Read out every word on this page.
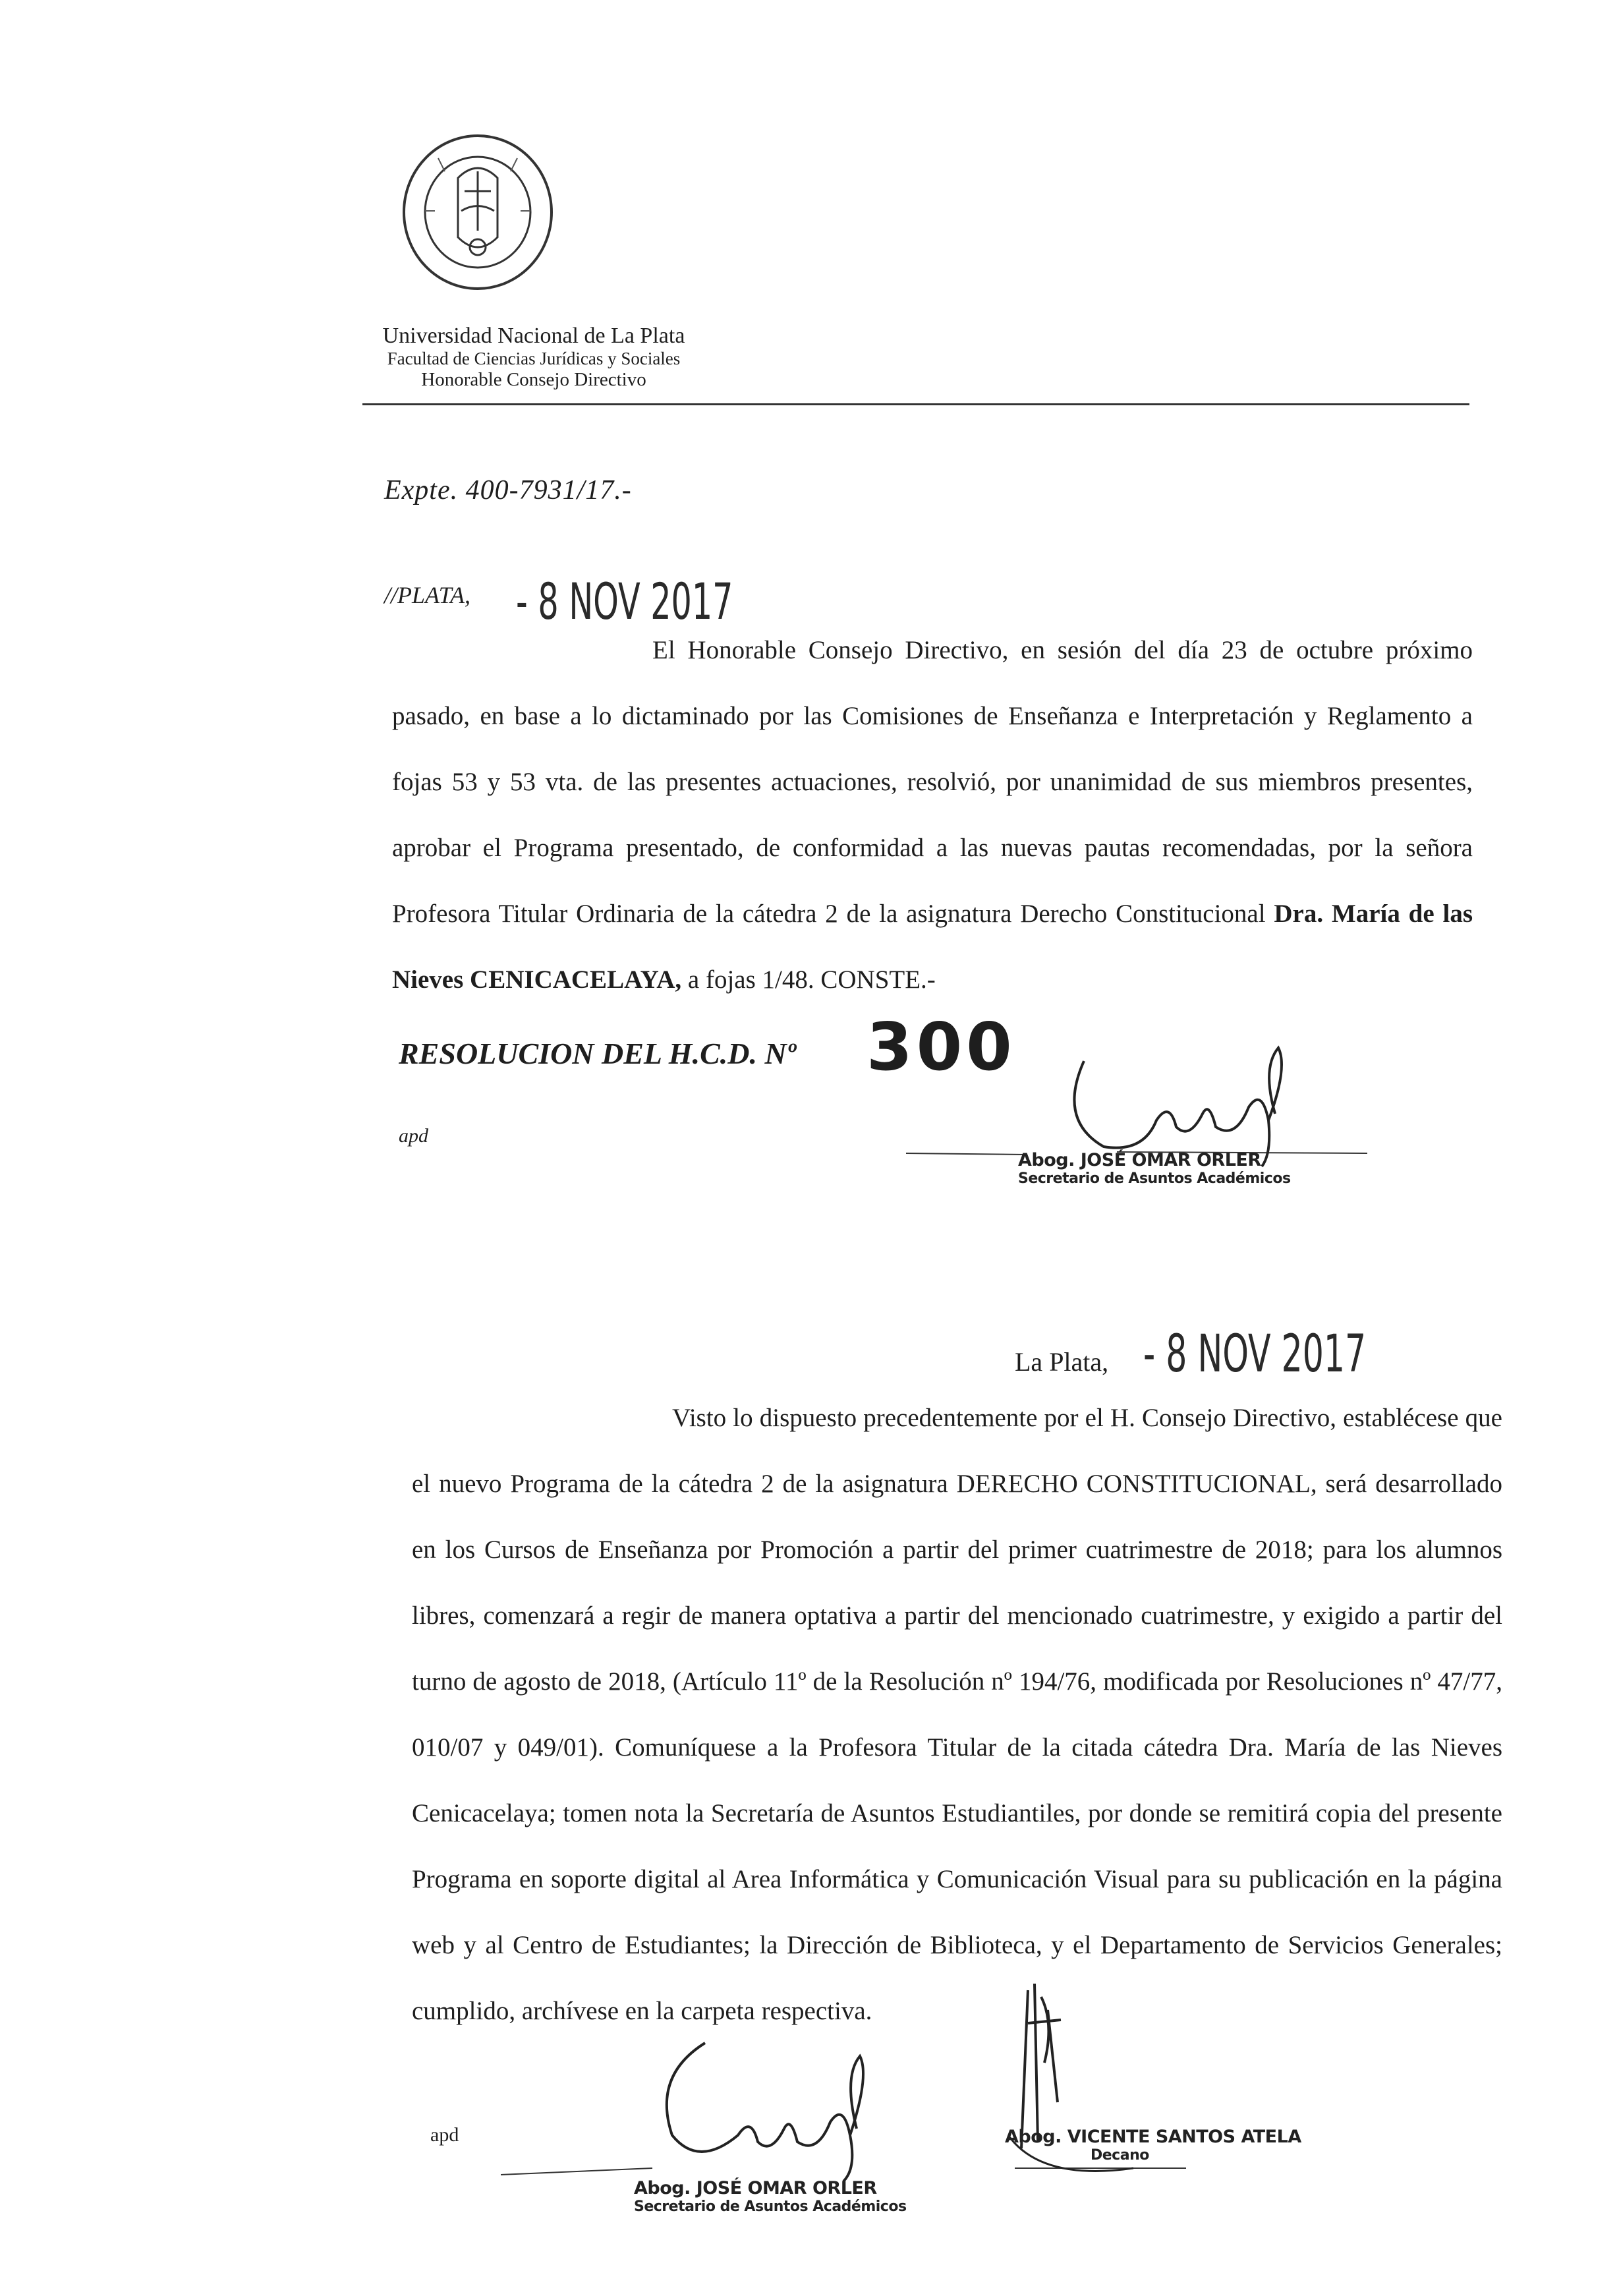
Universidad Nacional de La Plata
Facultad de Ciencias Jurídicas y Sociales
Honorable Consejo Directivo
Expte. 400-7931/17.-
//PLATA, - 8 NOV 2017
El Honorable Consejo Directivo, en sesión del día 23 de octubre próximo pasado, en base a lo dictaminado por las Comisiones de Enseñanza e Interpretación y Reglamento a fojas 53 y 53 vta. de las presentes actuaciones, resolvió, por unanimidad de sus miembros presentes, aprobar el Programa presentado, de conformidad a las nuevas pautas recomendadas, por la señora Profesora Titular Ordinaria de la cátedra 2 de la asignatura Derecho Constitucional Dra. María de las Nieves CENICACELAYA, a fojas 1/48. CONSTE.-
RESOLUCION DEL H.C.D. Nº 300
apd
Abog. JOSÉ OMAR ORLER
Secretario de Asuntos Académicos
La Plata, - 8 NOV 2017
Visto lo dispuesto precedentemente por el H. Consejo Directivo, establécese que el nuevo Programa de la cátedra 2 de la asignatura DERECHO CONSTITUCIONAL, será desarrollado en los Cursos de Enseñanza por Promoción a partir del primer cuatrimestre de 2018; para los alumnos libres, comenzará a regir de manera optativa a partir del mencionado cuatrimestre, y exigido a partir del turno de agosto de 2018, (Artículo 11º de la Resolución nº 194/76, modificada por Resoluciones nº 47/77, 010/07 y 049/01). Comuníquese a la Profesora Titular de la citada cátedra Dra. María de las Nieves Cenicacelaya; tomen nota la Secretaría de Asuntos Estudiantiles, por donde se remitirá copia del presente Programa en soporte digital al Area Informática y Comunicación Visual para su publicación en la página web y al Centro de Estudiantes; la Dirección de Biblioteca, y el Departamento de Servicios Generales; cumplido, archívese en la carpeta respectiva.
apd
Abog. JOSÉ OMAR ORLER
Secretario de Asuntos Académicos
Abog. VICENTE SANTOS ATELA
Decano
